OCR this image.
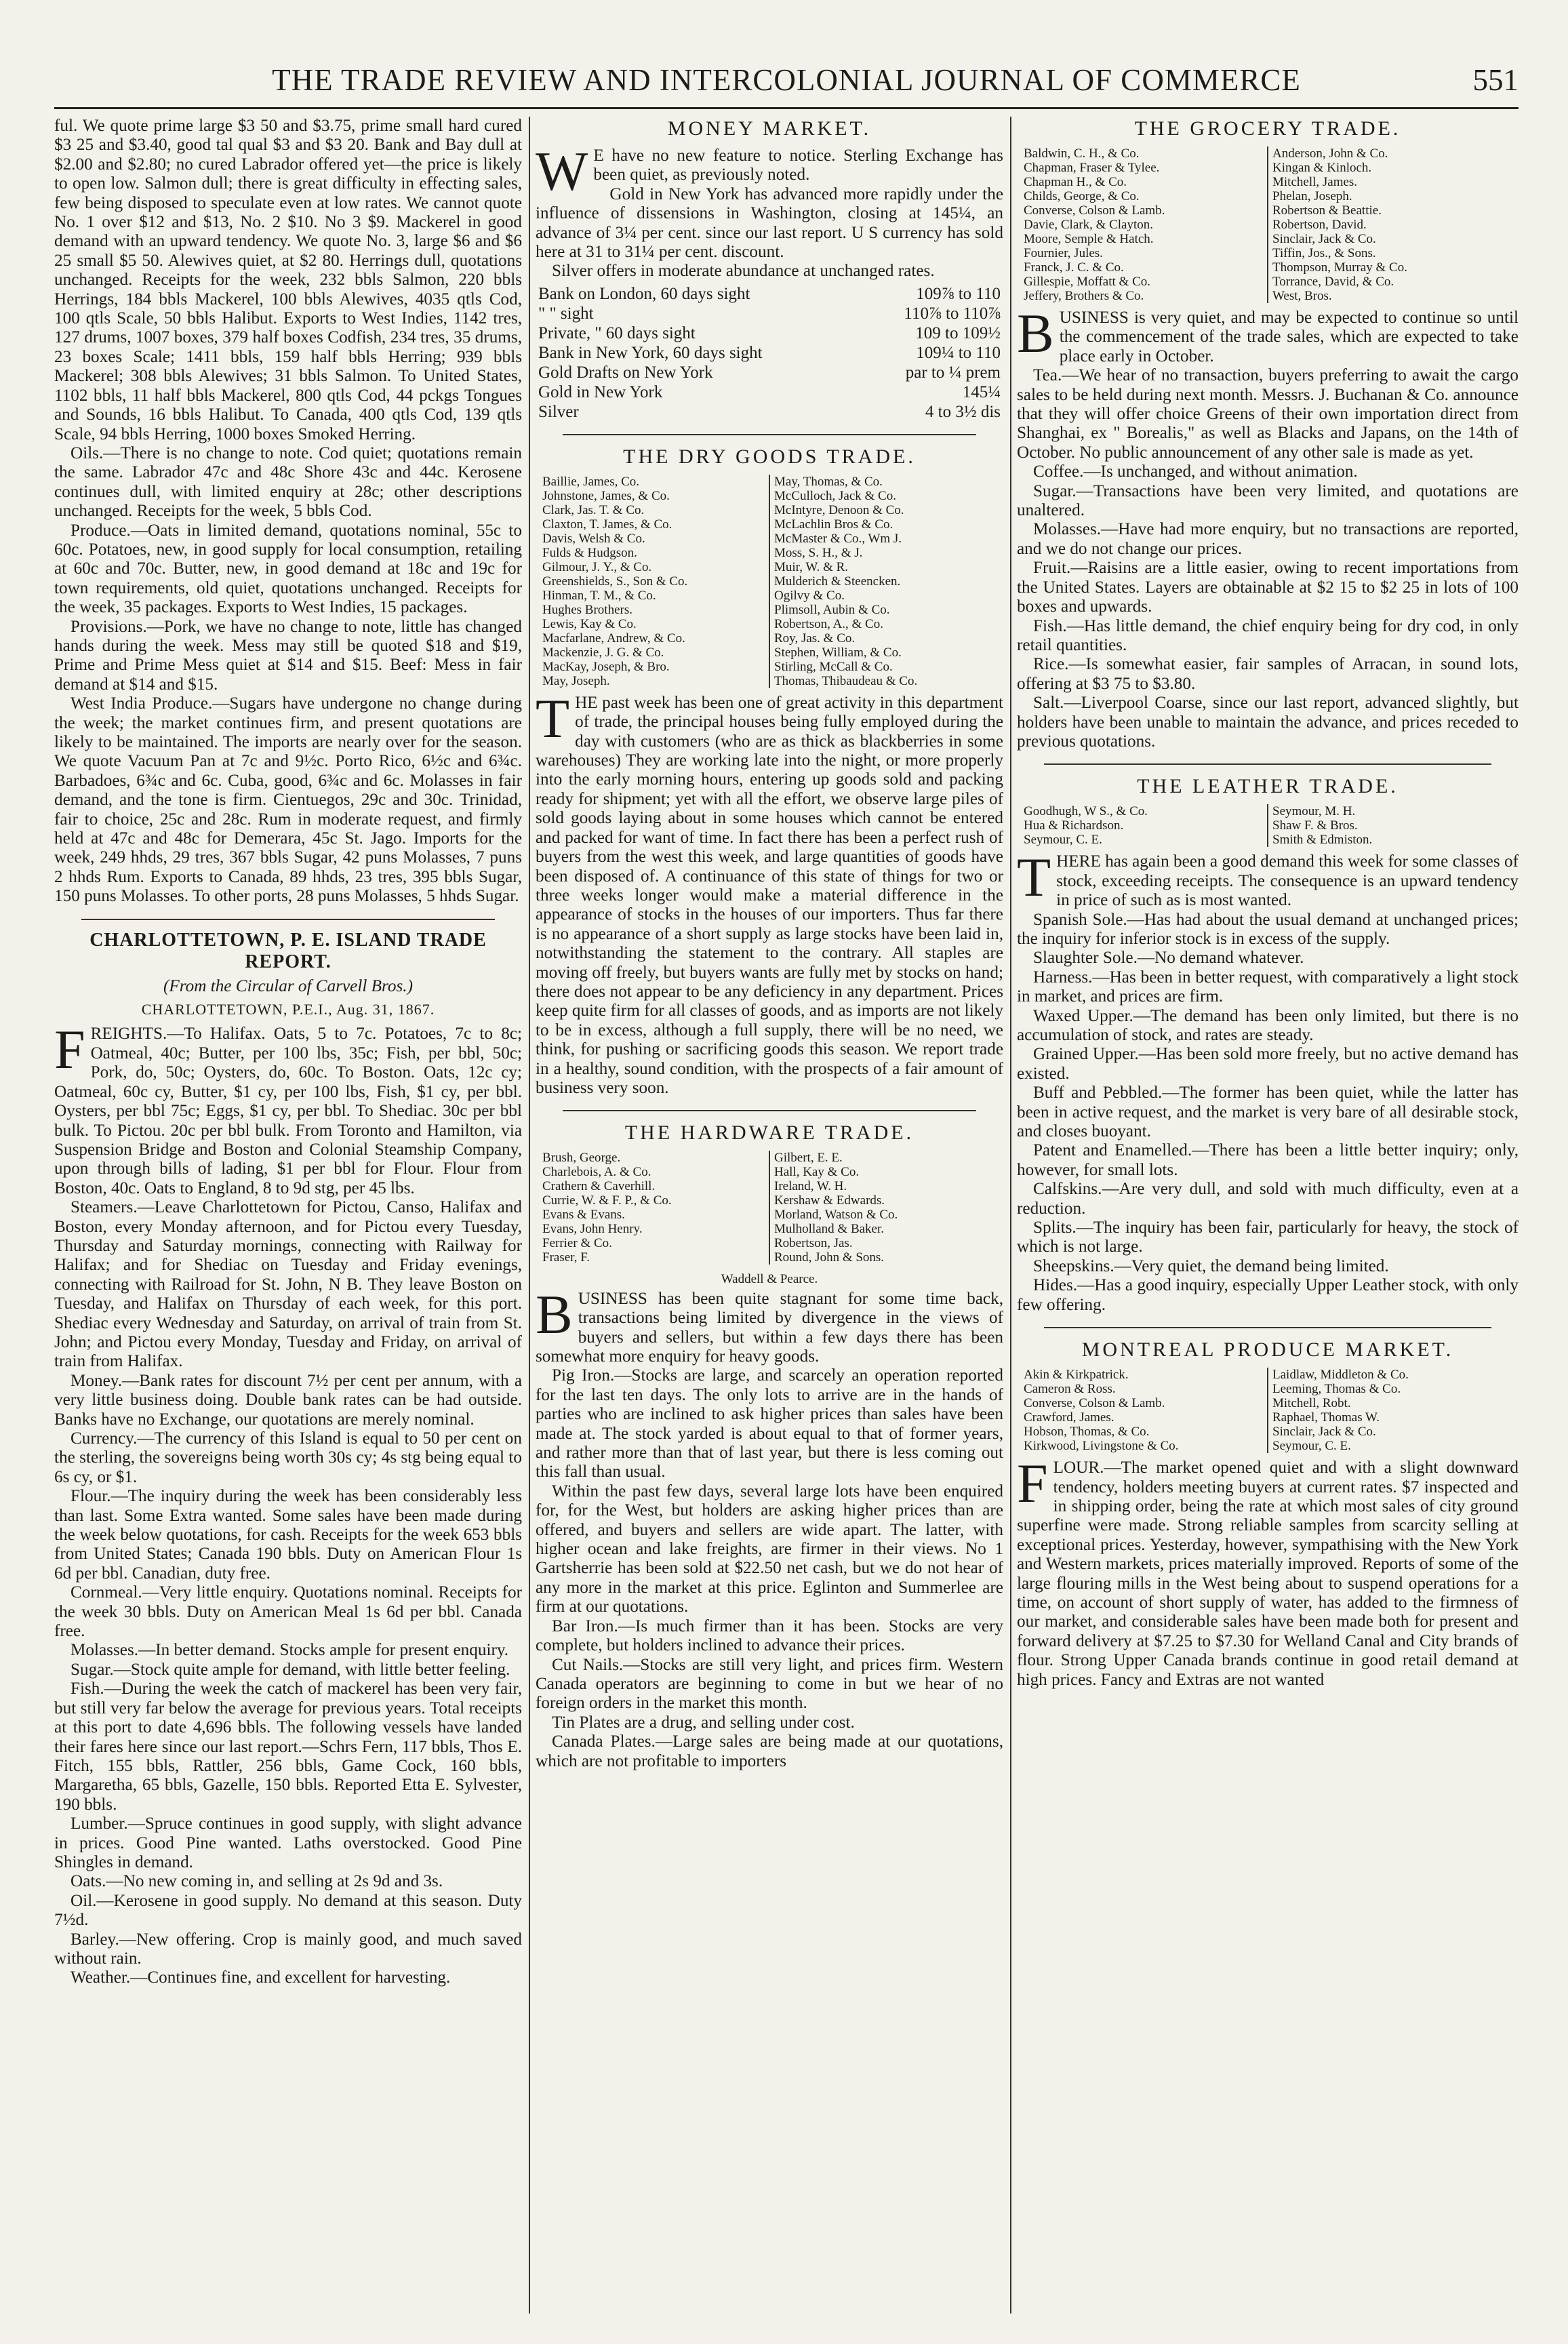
THE TRADE REVIEW AND INTERCOLONIAL JOURNAL OF COMMERCE	551

ful. We quote prime large $3 50 and $3.75, prime small hard cured $3 25 and $3.40, good tal qual $3 and $3 20. Bank and Bay dull at $2.00 and $2.80; no cured Labrador offered yet—the price is likely to open low. Salmon dull; there is great difficulty in effecting sales, few being disposed to speculate even at low rates. We cannot quote No. 1 over $12 and $13, No. 2 $10. No 3 $9. Mackerel in good demand with an upward tendency. We quote No. 3, large $6 and $6 25 small $5 50. Alewives quiet, at $2 80. Herrings dull, quotations unchanged. Receipts for the week, 232 bbls Salmon, 220 bbls Herrings, 184 bbls Mackerel, 100 bbls Alewives, 4035 qtls Cod, 100 qtls Scale, 50 bbls Halibut. Exports to West Indies, 1142 tres, 127 drums, 1007 boxes, 379 half boxes Codfish, 234 tres, 35 drums, 23 boxes Scale; 1411 bbls, 159 half bbls Herring; 939 bbls Mackerel; 308 bbls Alewives; 31 bbls Salmon. To United States, 1102 bbls, 11 half bbls Mackerel, 800 qtls Cod, 44 pckgs Tongues and Sounds, 16 bbls Halibut. To Canada, 400 qtls Cod, 139 qtls Scale, 94 bbls Herring, 1000 boxes Smoked Herring.

Oils.—There is no change to note. Cod quiet; quotations remain the same. Labrador 47c and 48c Shore 43c and 44c. Kerosene continues dull, with limited enquiry at 28c; other descriptions unchanged. Receipts for the week, 5 bbls Cod.

Produce.—Oats in limited demand, quotations nominal, 55c to 60c. Potatoes, new, in good supply for local consumption, retailing at 60c and 70c. Butter, new, in good demand at 18c and 19c for town requirements, old quiet, quotations unchanged. Receipts for the week, 35 packages. Exports to West Indies, 15 packages.

Provisions.—Pork, we have no change to note, little has changed hands during the week. Mess may still be quoted $18 and $19, Prime and Prime Mess quiet at $14 and $15. Beef: Mess in fair demand at $14 and $15.

West India Produce.—Sugars have undergone no change during the week; the market continues firm, and present quotations are likely to be maintained. The imports are nearly over for the season. We quote Vacuum Pan at 7c and 9½c. Porto Rico, 6½c and 6¾c. Barbadoes, 6¾c and 6c. Cuba, good, 6¾c and 6c. Molasses in fair demand, and the tone is firm. Cientuegos, 29c and 30c. Trinidad, fair to choice, 25c and 28c. Rum in moderate request, and firmly held at 47c and 48c for Demerara, 45c St. Jago. Imports for the week, 249 hhds, 29 tres, 367 bbls Sugar, 42 puns Molasses, 7 puns 2 hhds Rum. Exports to Canada, 89 hhds, 23 tres, 395 bbls Sugar, 150 puns Molasses. To other ports, 28 puns Molasses, 5 hhds Sugar.

CHARLOTTETOWN, P. E. ISLAND TRADE REPORT.
(From the Circular of Carvell Bros.)
CHARLOTTETOWN, P.E.I., Aug. 31, 1867.

FREIGHTS.—To Halifax. Oats, 5 to 7c. Potatoes, 7c to 8c; Oatmeal, 40c; Butter, per 100 lbs, 35c; Fish, per bbl, 50c; Pork, do, 50c; Oysters, do, 60c. To Boston. Oats, 12c cy; Oatmeal, 60c cy, Butter, $1 cy, per 100 lbs, Fish, $1 cy, per bbl. Oysters, per bbl 75c; Eggs, $1 cy, per bbl. To Shediac. 30c per bbl bulk. To Pictou. 20c per bbl bulk. From Toronto and Hamilton, via Suspension Bridge and Boston and Colonial Steamship Company, upon through bills of lading, $1 per bbl for Flour. Flour from Boston, 40c. Oats to England, 8 to 9d stg, per 45 lbs.

Steamers.—Leave Charlottetown for Pictou, Canso, Halifax and Boston, every Monday afternoon, and for Pictou every Tuesday, Thursday and Saturday mornings, connecting with Railway for Halifax; and for Shediac on Tuesday and Friday evenings, connecting with Railroad for St. John, N B. They leave Boston on Tuesday, and Halifax on Thursday of each week, for this port. Shediac every Wednesday and Saturday, on arrival of train from St. John; and Pictou every Monday, Tuesday and Friday, on arrival of train from Halifax.

Money.—Bank rates for discount 7½ per cent per annum, with a very little business doing. Double bank rates can be had outside. Banks have no Exchange, our quotations are merely nominal.

Currency.—The currency of this Island is equal to 50 per cent on the sterling, the sovereigns being worth 30s cy; 4s stg being equal to 6s cy, or $1.

Flour.—The inquiry during the week has been considerably less than last. Some Extra wanted. Some sales have been made during the week below quotations, for cash. Receipts for the week 653 bbls from United States; Canada 190 bbls. Duty on American Flour 1s 6d per bbl. Canadian, duty free.

Cornmeal.—Very little enquiry. Quotations nominal. Receipts for the week 30 bbls. Duty on American Meal 1s 6d per bbl. Canada free.

Molasses.—In better demand. Stocks ample for present enquiry.

Sugar.—Stock quite ample for demand, with little better feeling.

Fish.—During the week the catch of mackerel has been very fair, but still very far below the average for previous years. Total receipts at this port to date 4,696 bbls. The following vessels have landed their fares here since our last report.—Schrs Fern, 117 bbls, Thos E. Fitch, 155 bbls, Rattler, 256 bbls, Game Cock, 160 bbls, Margaretha, 65 bbls, Gazelle, 150 bbls. Reported Etta E. Sylvester, 190 bbls.

Lumber.—Spruce continues in good supply, with slight advance in prices. Good Pine wanted. Laths overstocked. Good Pine Shingles in demand.

Oats.—No new coming in, and selling at 2s 9d and 3s.

Oil.—Kerosene in good supply. No demand at this season. Duty 7½d.

Barley.—New offering. Crop is mainly good, and much saved without rain.

Weather.—Continues fine, and excellent for harvesting.

MONEY MARKET.

W E have no new feature to notice. Sterling Exchange has been quiet, as previously noted.

Gold in New York has advanced more rapidly under the influence of dissensions in Washington, closing at 145¼, an advance of 3¼ per cent. since our last report. U S currency has sold here at 31 to 31¼ per cent. discount.

Silver offers in moderate abundance at unchanged rates.

Bank on London, 60 days sight	109⅞ to 110
" " sight	110⅞ to 110⅞
Private, " 60 days sight	109 to 109½
Bank in New York, 60 days sight	109¼ to 110
Gold Drafts on New York	par to ¼ prem
Gold in New York	145¼
Silver	4 to 3½ dis
THE DRY GOODS TRADE.
Baillie, James, Co.
Johnstone, James, & Co.
Clark, Jas. T. & Co.
Claxton, T. James, & Co.
Davis, Welsh & Co.
Fulds & Hudgson.
Gilmour, J. Y., & Co.
Greenshields, S., Son & Co.
Hinman, T. M., & Co.
Hughes Brothers.
Lewis, Kay & Co.
Macfarlane, Andrew, & Co.
Mackenzie, J. G. & Co.
MacKay, Joseph, & Bro.
May, Joseph.
May, Thomas, & Co.
McCulloch, Jack & Co.
McIntyre, Denoon & Co.
McLachlin Bros & Co.
McMaster & Co., Wm J.
Moss, S. H., & J.
Muir, W. & R.
Mulderich & Steencken.
Ogilvy & Co.
Plimsoll, Aubin & Co.
Robertson, A., & Co.
Roy, Jas. & Co.
Stephen, William, & Co.
Stirling, McCall & Co.
Thomas, Thibaudeau & Co.

THE past week has been one of great activity in this department of trade, the principal houses being fully employed during the day with customers (who are as thick as blackberries in some warehouses) They are working late into the night, or more properly into the early morning hours, entering up goods sold and packing ready for shipment; yet with all the effort, we observe large piles of sold goods laying about in some houses which cannot be entered and packed for want of time. In fact there has been a perfect rush of buyers from the west this week, and large quantities of goods have been disposed of. A continuance of this state of things for two or three weeks longer would make a material difference in the appearance of stocks in the houses of our importers. Thus far there is no appearance of a short supply as large stocks have been laid in, notwithstanding the statement to the contrary. All staples are moving off freely, but buyers wants are fully met by stocks on hand; there does not appear to be any deficiency in any department. Prices keep quite firm for all classes of goods, and as imports are not likely to be in excess, although a full supply, there will be no need, we think, for pushing or sacrificing goods this season. We report trade in a healthy, sound condition, with the prospects of a fair amount of business very soon.

THE HARDWARE TRADE.
Brush, George.
Charlebois, A. & Co.
Crathern & Caverhill.
Currie, W. & F. P., & Co.
Evans & Evans.
Evans, John Henry.
Ferrier & Co.
Fraser, F.
Gilbert, E. E.
Hall, Kay & Co.
Ireland, W. H.
Kershaw & Edwards.
Morland, Watson & Co.
Mulholland & Baker.
Robertson, Jas.
Round, John & Sons.
Waddell & Pearce.

BUSINESS has been quite stagnant for some time back, transactions being limited by divergence in the views of buyers and sellers, but within a few days there has been somewhat more enquiry for heavy goods.

Pig Iron.—Stocks are large, and scarcely an operation reported for the last ten days. The only lots to arrive are in the hands of parties who are inclined to ask higher prices than sales have been made at. The stock yarded is about equal to that of former years, and rather more than that of last year, but there is less coming out this fall than usual.

Within the past few days, several large lots have been enquired for, for the West, but holders are asking higher prices than are offered, and buyers and sellers are wide apart. The latter, with higher ocean and lake freights, are firmer in their views. No 1 Gartsherrie has been sold at $22.50 net cash, but we do not hear of any more in the market at this price. Eglinton and Summerlee are firm at our quotations.

Bar Iron.—Is much firmer than it has been. Stocks are very complete, but holders inclined to advance their prices.

Cut Nails.—Stocks are still very light, and prices firm. Western Canada operators are beginning to come in but we hear of no foreign orders in the market this month.

Tin Plates are a drug, and selling under cost.

Canada Plates.—Large sales are being made at our quotations, which are not profitable to importers

THE GROCERY TRADE.
Baldwin, C. H., & Co.
Chapman, Fraser & Tylee.
Chapman H., & Co.
Childs, George, & Co.
Converse, Colson & Lamb.
Davie, Clark, & Clayton.
Moore, Semple & Hatch.
Fournier, Jules.
Franck, J. C. & Co.
Gillespie, Moffatt & Co.
Jeffery, Brothers & Co.
Anderson, John & Co.
Kingan & Kinloch.
Mitchell, James.
Phelan, Joseph.
Robertson & Beattie.
Robertson, David.
Sinclair, Jack & Co.
Tiffin, Jos., & Sons.
Thompson, Murray & Co.
Torrance, David, & Co.
West, Bros.

BUSINESS is very quiet, and may be expected to continue so until the commencement of the trade sales, which are expected to take place early in October.

Tea.—We hear of no transaction, buyers preferring to await the cargo sales to be held during next month. Messrs. J. Buchanan & Co. announce that they will offer choice Greens of their own importation direct from Shanghai, ex " Borealis," as well as Blacks and Japans, on the 14th of October. No public announcement of any other sale is made as yet.

Coffee.—Is unchanged, and without animation.

Sugar.—Transactions have been very limited, and quotations are unaltered.

Molasses.—Have had more enquiry, but no transactions are reported, and we do not change our prices.

Fruit.—Raisins are a little easier, owing to recent importations from the United States. Layers are obtainable at $2 15 to $2 25 in lots of 100 boxes and upwards.

Fish.—Has little demand, the chief enquiry being for dry cod, in only retail quantities.

Rice.—Is somewhat easier, fair samples of Arracan, in sound lots, offering at $3 75 to $3.80.

Salt.—Liverpool Coarse, since our last report, advanced slightly, but holders have been unable to maintain the advance, and prices receded to previous quotations.

THE LEATHER TRADE.
Goodhugh, W S., & Co.
Hua & Richardson.
Seymour, C. E.
Seymour, M. H.
Shaw F. & Bros.
Smith & Edmiston.

THERE has again been a good demand this week for some classes of stock, exceeding receipts. The consequence is an upward tendency in price of such as is most wanted.

Spanish Sole.—Has had about the usual demand at unchanged prices; the inquiry for inferior stock is in excess of the supply.

Slaughter Sole.—No demand whatever.

Harness.—Has been in better request, with comparatively a light stock in market, and prices are firm.

Waxed Upper.—The demand has been only limited, but there is no accumulation of stock, and rates are steady.

Grained Upper.—Has been sold more freely, but no active demand has existed.

Buff and Pebbled.—The former has been quiet, while the latter has been in active request, and the market is very bare of all desirable stock, and closes buoyant.

Patent and Enamelled.—There has been a little better inquiry; only, however, for small lots.

Calfskins.—Are very dull, and sold with much difficulty, even at a reduction.

Splits.—The inquiry has been fair, particularly for heavy, the stock of which is not large.

Sheepskins.—Very quiet, the demand being limited.

Hides.—Has a good inquiry, especially Upper Leather stock, with only few offering.

MONTREAL PRODUCE MARKET.
Akin & Kirkpatrick.
Cameron & Ross.
Converse, Colson & Lamb.
Crawford, James.
Hobson, Thomas, & Co.
Kirkwood, Livingstone & Co.
Laidlaw, Middleton & Co.
Leeming, Thomas & Co.
Mitchell, Robt.
Raphael, Thomas W.
Sinclair, Jack & Co.
Seymour, C. E.

FLOUR.—The market opened quiet and with a slight downward tendency, holders meeting buyers at current rates. $7 inspected and in shipping order, being the rate at which most sales of city ground superfine were made. Strong reliable samples from scarcity selling at exceptional prices. Yesterday, however, sympathising with the New York and Western markets, prices materially improved. Reports of some of the large flouring mills in the West being about to suspend operations for a time, on account of short supply of water, has added to the firmness of our market, and considerable sales have been made both for present and forward delivery at $7.25 to $7.30 for Welland Canal and City brands of flour. Strong Upper Canada brands continue in good retail demand at high prices. Fancy and Extras are not wanted
